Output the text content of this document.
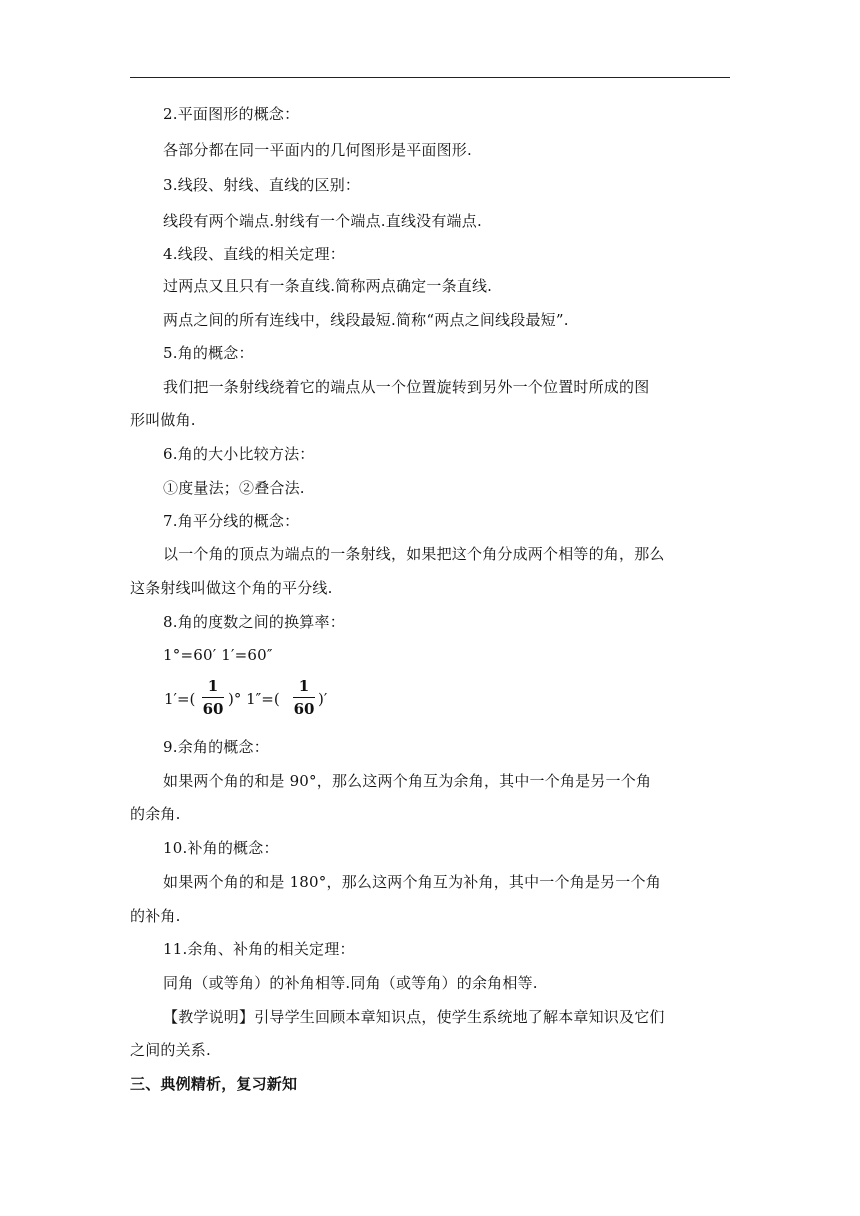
2.平面图形的概念：
各部分都在同一平面内的几何图形是平面图形.
3.线段、射线、直线的区别：
线段有两个端点.射线有一个端点.直线没有端点.
4.线段、直线的相关定理：
过两点又且只有一条直线.简称两点确定一条直线.
两点之间的所有连线中，线段最短.简称“两点之间线段最短”.
5.角的概念：
我们把一条射线绕着它的端点从一个位置旋转到另外一个位置时所成的图
形叫做角.
6.角的大小比较方法：
①度量法；②叠合法.
7.角平分线的概念：
以一个角的顶点为端点的一条射线，如果把这个角分成两个相等的角，那么
这条射线叫做这个角的平分线.
8.角的度数之间的换算率：
1°=60′ 1′=60″
9.余角的概念：
如果两个角的和是 90°，那么这两个角互为余角，其中一个角是另一个角
的余角.
10.补角的概念：
如果两个角的和是 180°，那么这两个角互为补角，其中一个角是另一个角
的补角.
11.余角、补角的相关定理：
同角（或等角）的补角相等.同角（或等角）的余角相等.
【教学说明】引导学生回顾本章知识点，使学生系统地了解本章知识及它们
之间的关系.
三、典例精析，复习新知
1′=(
1
60
)° 1″=(
1
60
)′
